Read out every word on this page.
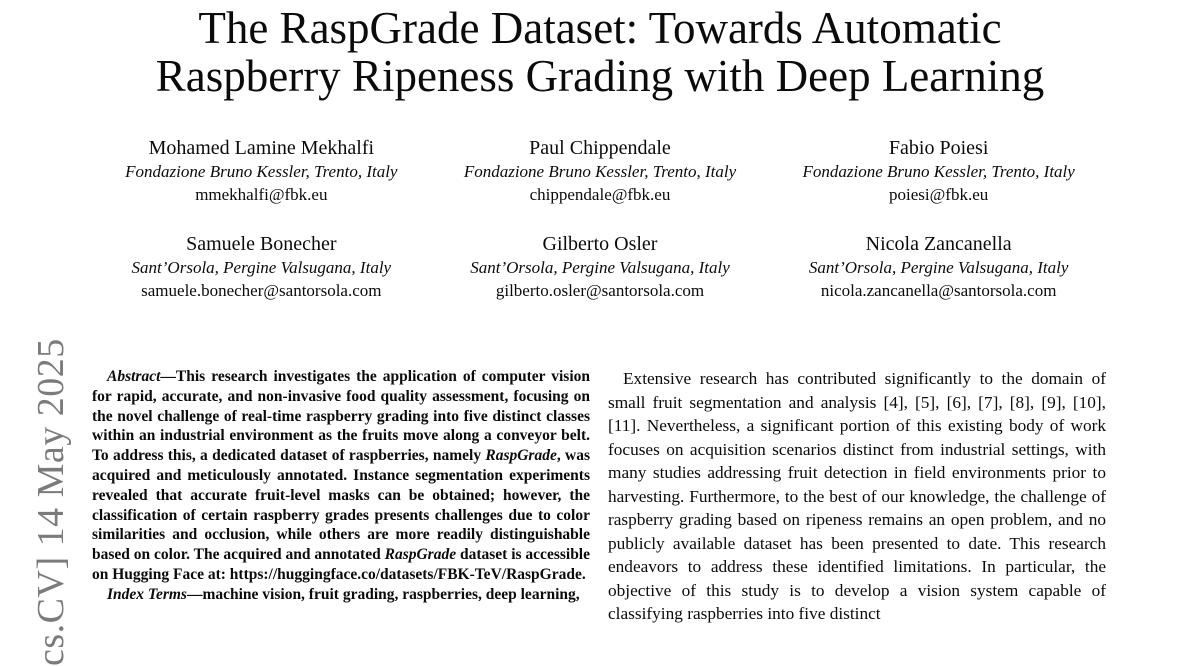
cs.CV] 14 May 2025
The RaspGrade Dataset: Towards Automatic
Raspberry Ripeness Grading with Deep Learning
Mohamed Lamine Mekhalfi
Fondazione Bruno Kessler, Trento, Italy
mmekhalfi@fbk.eu
Paul Chippendale
Fondazione Bruno Kessler, Trento, Italy
chippendale@fbk.eu
Fabio Poiesi
Fondazione Bruno Kessler, Trento, Italy
poiesi@fbk.eu
Samuele Bonecher
Sant’Orsola, Pergine Valsugana, Italy
samuele.bonecher@santorsola.com
Gilberto Osler
Sant’Orsola, Pergine Valsugana, Italy
gilberto.osler@santorsola.com
Nicola Zancanella
Sant’Orsola, Pergine Valsugana, Italy
nicola.zancanella@santorsola.com

Abstract—This research investigates the application of computer vision for rapid, accurate, and non-invasive food quality assessment, focusing on the novel challenge of real-time raspberry grading into five distinct classes within an industrial environment as the fruits move along a conveyor belt. To address this, a dedicated dataset of raspberries, namely RaspGrade, was acquired and meticulously annotated. Instance segmentation experiments revealed that accurate fruit-level masks can be obtained; however, the classification of certain raspberry grades presents challenges due to color similarities and occlusion, while others are more readily distinguishable based on color. The acquired and annotated RaspGrade dataset is accessible on Hugging Face at: https://huggingface.co/datasets/FBK-TeV/RaspGrade.

Index Terms—machine vision, fruit grading, raspberries, deep learning,

Extensive research has contributed significantly to the domain of small fruit segmentation and analysis [4], [5], [6], [7], [8], [9], [10], [11]. Nevertheless, a significant portion of this existing body of work focuses on acquisition scenarios distinct from industrial settings, with many studies addressing fruit detection in field environments prior to harvesting. Furthermore, to the best of our knowledge, the challenge of raspberry grading based on ripeness remains an open problem, and no publicly available dataset has been presented to date. This research endeavors to address these identified limitations. In particular, the objective of this study is to develop a vision system capable of classifying raspberries into five distinct
